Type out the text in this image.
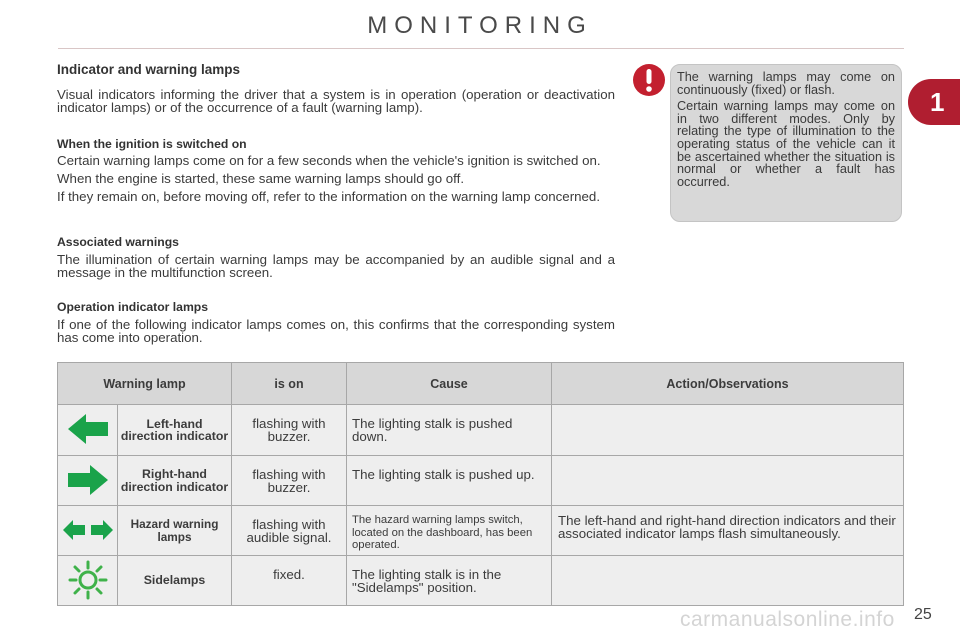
MONITORING
1
Indicator and warning lamps

Visual indicators informing the driver that a system is in operation (operation or deactivation indicator lamps) or of the occurrence of a fault (warning lamp).

When the ignition is switched on

Certain warning lamps come on for a few seconds when the vehicle's ignition is switched on.

When the engine is started, these same warning lamps should go off.

If they remain on, before moving off, refer to the information on the warning lamp concerned.

Associated warnings

The illumination of certain warning lamps may be accompanied by an audible signal and a message in the multifunction screen.

Operation indicator lamps

If one of the following indicator lamps comes on, this confirms that the corresponding system has come into operation.

The warning lamps may come on continuously (fixed) or flash.

Certain warning lamps may come on in two different modes. Only by relating the type of illumination to the operating status of the vehicle can it be ascertained whether the situation is normal or whether a fault has occurred.

Warning lamp		is on	Cause	Action/Observations
	Left-hand direction indicator	flashing with buzzer.	The lighting stalk is pushed down.	
	Right-hand direction indicator	flashing with buzzer.	The lighting stalk is pushed up.	
	Hazard warning lamps	flashing with audible signal.	The hazard warning lamps switch, located on the dashboard, has been operated.	The left-hand and right-hand direction indicators and their associated indicator lamps flash simultaneously.
	Sidelamps	fixed.	The lighting stalk is in the "Sidelamps" position.	
carmanualsonline.info 25
